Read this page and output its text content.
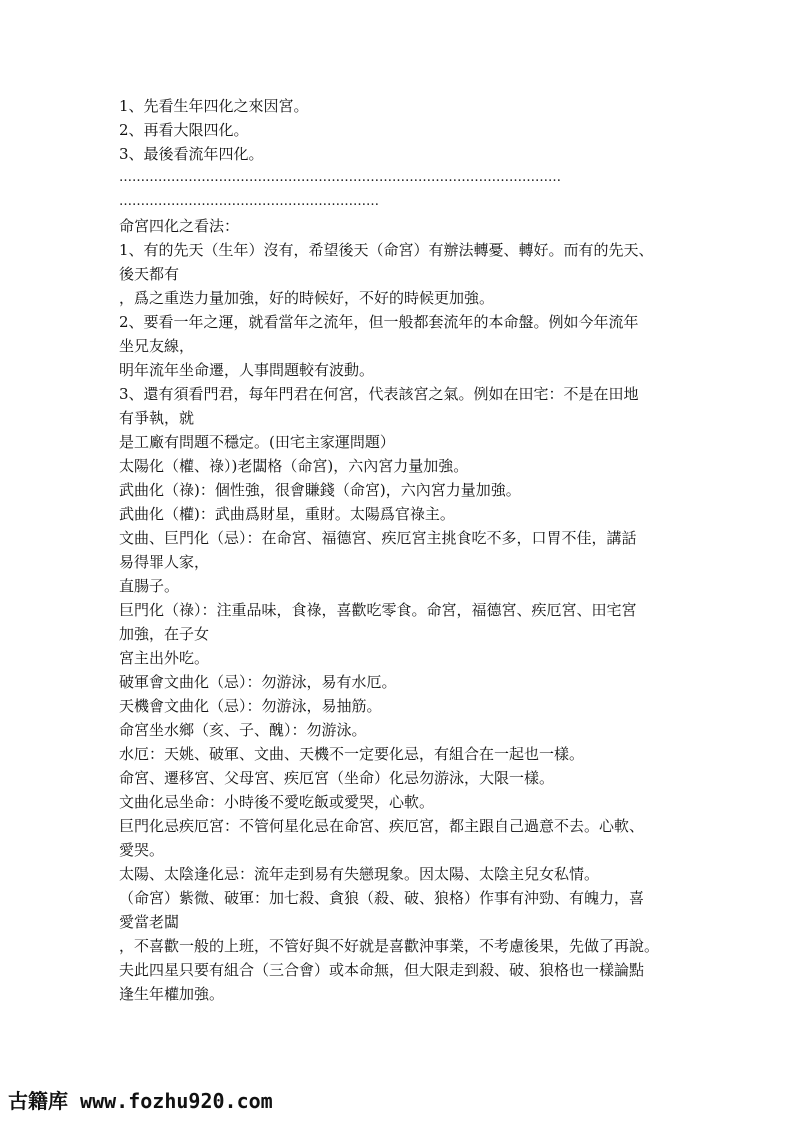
1、先看生年四化之來因宮。
2、再看大限四化。
3、最後看流年四化。
…………………………………………………………………………………………
……………………………………………………
命宮四化之看法：
1、有的先天（生年）沒有，希望後天（命宮）有辦法轉憂、轉好。而有的先天、
後天都有
，爲之重迭力量加強，好的時候好，不好的時候更加強。
2、要看一年之運，就看當年之流年，但一般都套流年的本命盤。例如今年流年
坐兄友線，
明年流年坐命遷，人事問題較有波動。
3、還有須看門君，每年門君在何宮，代表該宮之氣。例如在田宅：不是在田地
有爭執，就
是工廠有問題不穩定。(田宅主家運問題）
太陽化（權、祿）)老闆格（命宮)，六內宮力量加強。
武曲化（祿)：個性強，很會賺錢（命宮)，六內宮力量加強。
武曲化（權)：武曲爲財星，重財。太陽爲官祿主。
文曲、巨門化（忌）：在命宮、福德宮、疾厄宮主挑食吃不多，口胃不佳，講話
易得罪人家，
直腸子。
巨門化（祿）：注重品味，食祿，喜歡吃零食。命宮，福德宮、疾厄宮、田宅宮
加強，在子女
宮主出外吃。
破軍會文曲化（忌）：勿游泳，易有水厄。
天機會文曲化（忌）：勿游泳，易抽筋。
命宮坐水鄉（亥、子、醜）：勿游泳。
水厄：天姚、破軍、文曲、天機不一定要化忌，有組合在一起也一樣。
命宮、遷移宮、父母宮、疾厄宮（坐命）化忌勿游泳，大限一樣。
文曲化忌坐命：小時後不愛吃飯或愛哭，心軟。
巨門化忌疾厄宮：不管何星化忌在命宮、疾厄宮，都主跟自己過意不去。心軟、
愛哭。
太陽、太陰逢化忌：流年走到易有失戀現象。因太陽、太陰主兒女私情。
（命宮）紫微、破軍：加七殺、貪狼（殺、破、狼格）作事有沖勁、有魄力，喜
愛當老闆
，不喜歡一般的上班，不管好與不好就是喜歡沖事業，不考慮後果，先做了再說。
夫此四星只要有組合（三合會）或本命無，但大限走到殺、破、狼格也一樣論點
逢生年權加強。
古籍库 www.fozhu920.com
